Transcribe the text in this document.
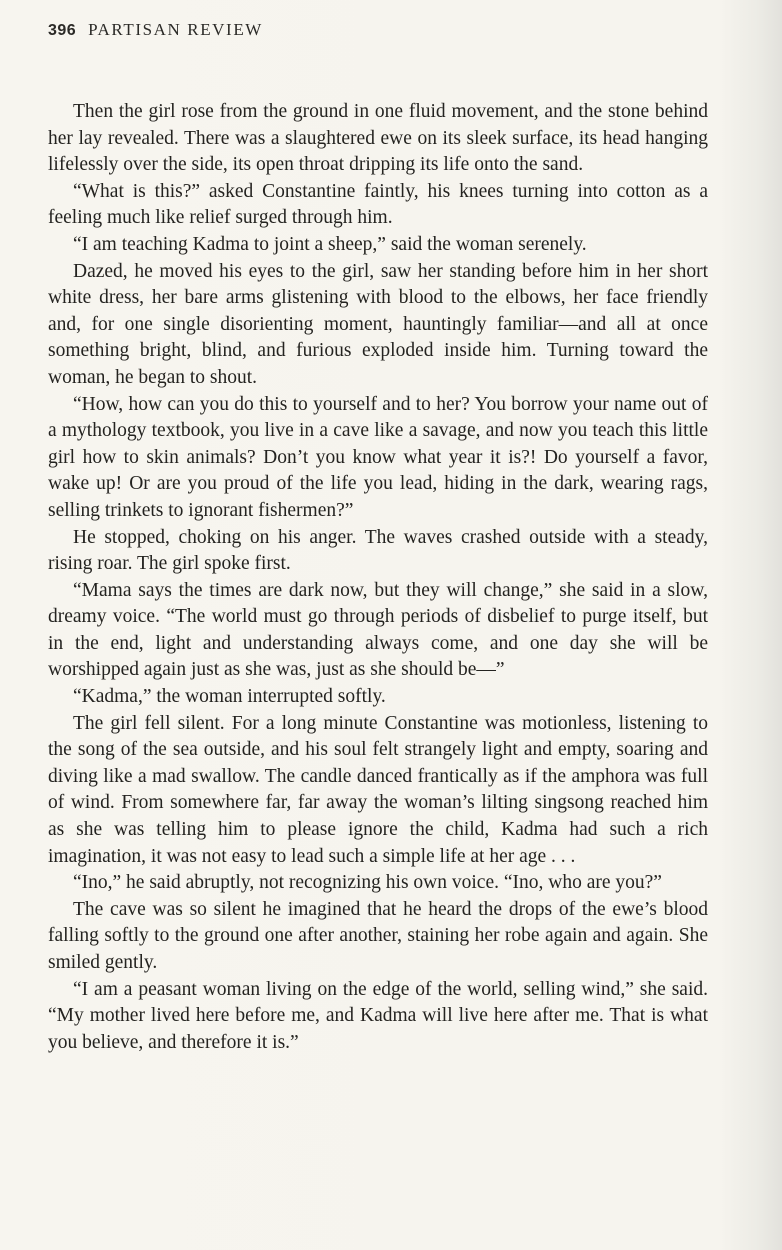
396 PARTISAN REVIEW

Then the girl rose from the ground in one fluid movement, and the stone behind her lay revealed. There was a slaughtered ewe on its sleek surface, its head hanging lifelessly over the side, its open throat dripping its life onto the sand.

“What is this?” asked Constantine faintly, his knees turning into cotton as a feeling much like relief surged through him.

“I am teaching Kadma to joint a sheep,” said the woman serenely.

Dazed, he moved his eyes to the girl, saw her standing before him in her short white dress, her bare arms glistening with blood to the elbows, her face friendly and, for one single disorienting moment, hauntingly familiar—and all at once something bright, blind, and furious exploded inside him. Turning toward the woman, he began to shout.

“How, how can you do this to yourself and to her? You borrow your name out of a mythology textbook, you live in a cave like a savage, and now you teach this little girl how to skin animals? Don’t you know what year it is?! Do yourself a favor, wake up! Or are you proud of the life you lead, hiding in the dark, wearing rags, selling trinkets to ignorant fishermen?”

He stopped, choking on his anger. The waves crashed outside with a steady, rising roar. The girl spoke first.

“Mama says the times are dark now, but they will change,” she said in a slow, dreamy voice. “The world must go through periods of disbelief to purge itself, but in the end, light and understanding always come, and one day she will be worshipped again just as she was, just as she should be—”

“Kadma,” the woman interrupted softly.

The girl fell silent. For a long minute Constantine was motionless, listening to the song of the sea outside, and his soul felt strangely light and empty, soaring and diving like a mad swallow. The candle danced frantically as if the amphora was full of wind. From somewhere far, far away the woman’s lilting singsong reached him as she was telling him to please ignore the child, Kadma had such a rich imagination, it was not easy to lead such a simple life at her age . . .

“Ino,” he said abruptly, not recognizing his own voice. “Ino, who are you?”

The cave was so silent he imagined that he heard the drops of the ewe’s blood falling softly to the ground one after another, staining her robe again and again. She smiled gently.

“I am a peasant woman living on the edge of the world, selling wind,” she said. “My mother lived here before me, and Kadma will live here after me. That is what you believe, and therefore it is.”
